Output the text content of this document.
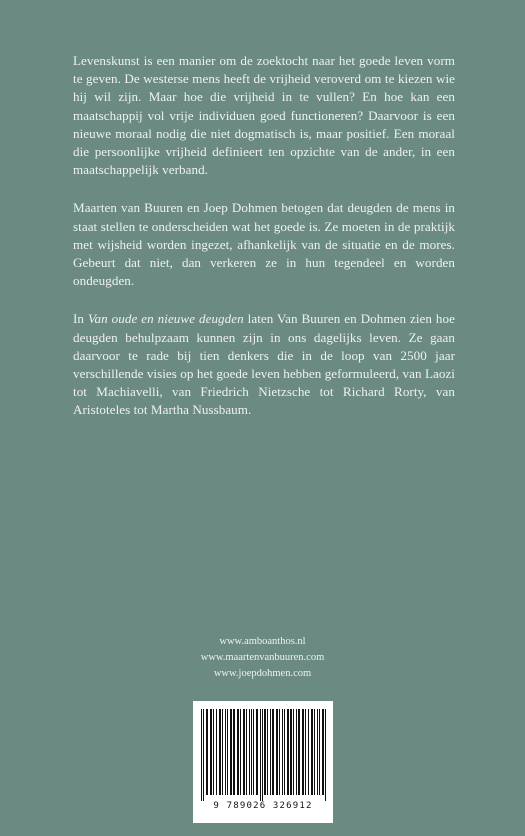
Levenskunst is een manier om de zoektocht naar het goede leven vorm te geven. De westerse mens heeft de vrijheid veroverd om te kiezen wie hij wil zijn. Maar hoe die vrijheid in te vullen? En hoe kan een maatschappij vol vrije individuen goed functioneren? Daarvoor is een nieuwe moraal nodig die niet dogmatisch is, maar positief. Een moraal die persoonlijke vrijheid definieert ten opzichte van de ander, in een maatschappelijk verband.

Maarten van Buuren en Joep Dohmen betogen dat deugden de mens in staat stellen te onderscheiden wat het goede is. Ze moeten in de praktijk met wijsheid worden ingezet, afhankelijk van de situatie en de mores. Gebeurt dat niet, dan verkeren ze in hun tegendeel en worden ondeugden.

In Van oude en nieuwe deugden laten Van Buuren en Dohmen zien hoe deugden behulpzaam kunnen zijn in ons dagelijks leven. Ze gaan daarvoor te rade bij tien denkers die in de loop van 2500 jaar verschillende visies op het goede leven hebben geformuleerd, van Laozi tot Machiavelli, van Friedrich Nietzsche tot Richard Rorty, van Aristoteles tot Martha Nussbaum.

www.amboanthos.nl
www.maartenvanbuuren.com
www.joepdohmen.com
9 789026 326912
